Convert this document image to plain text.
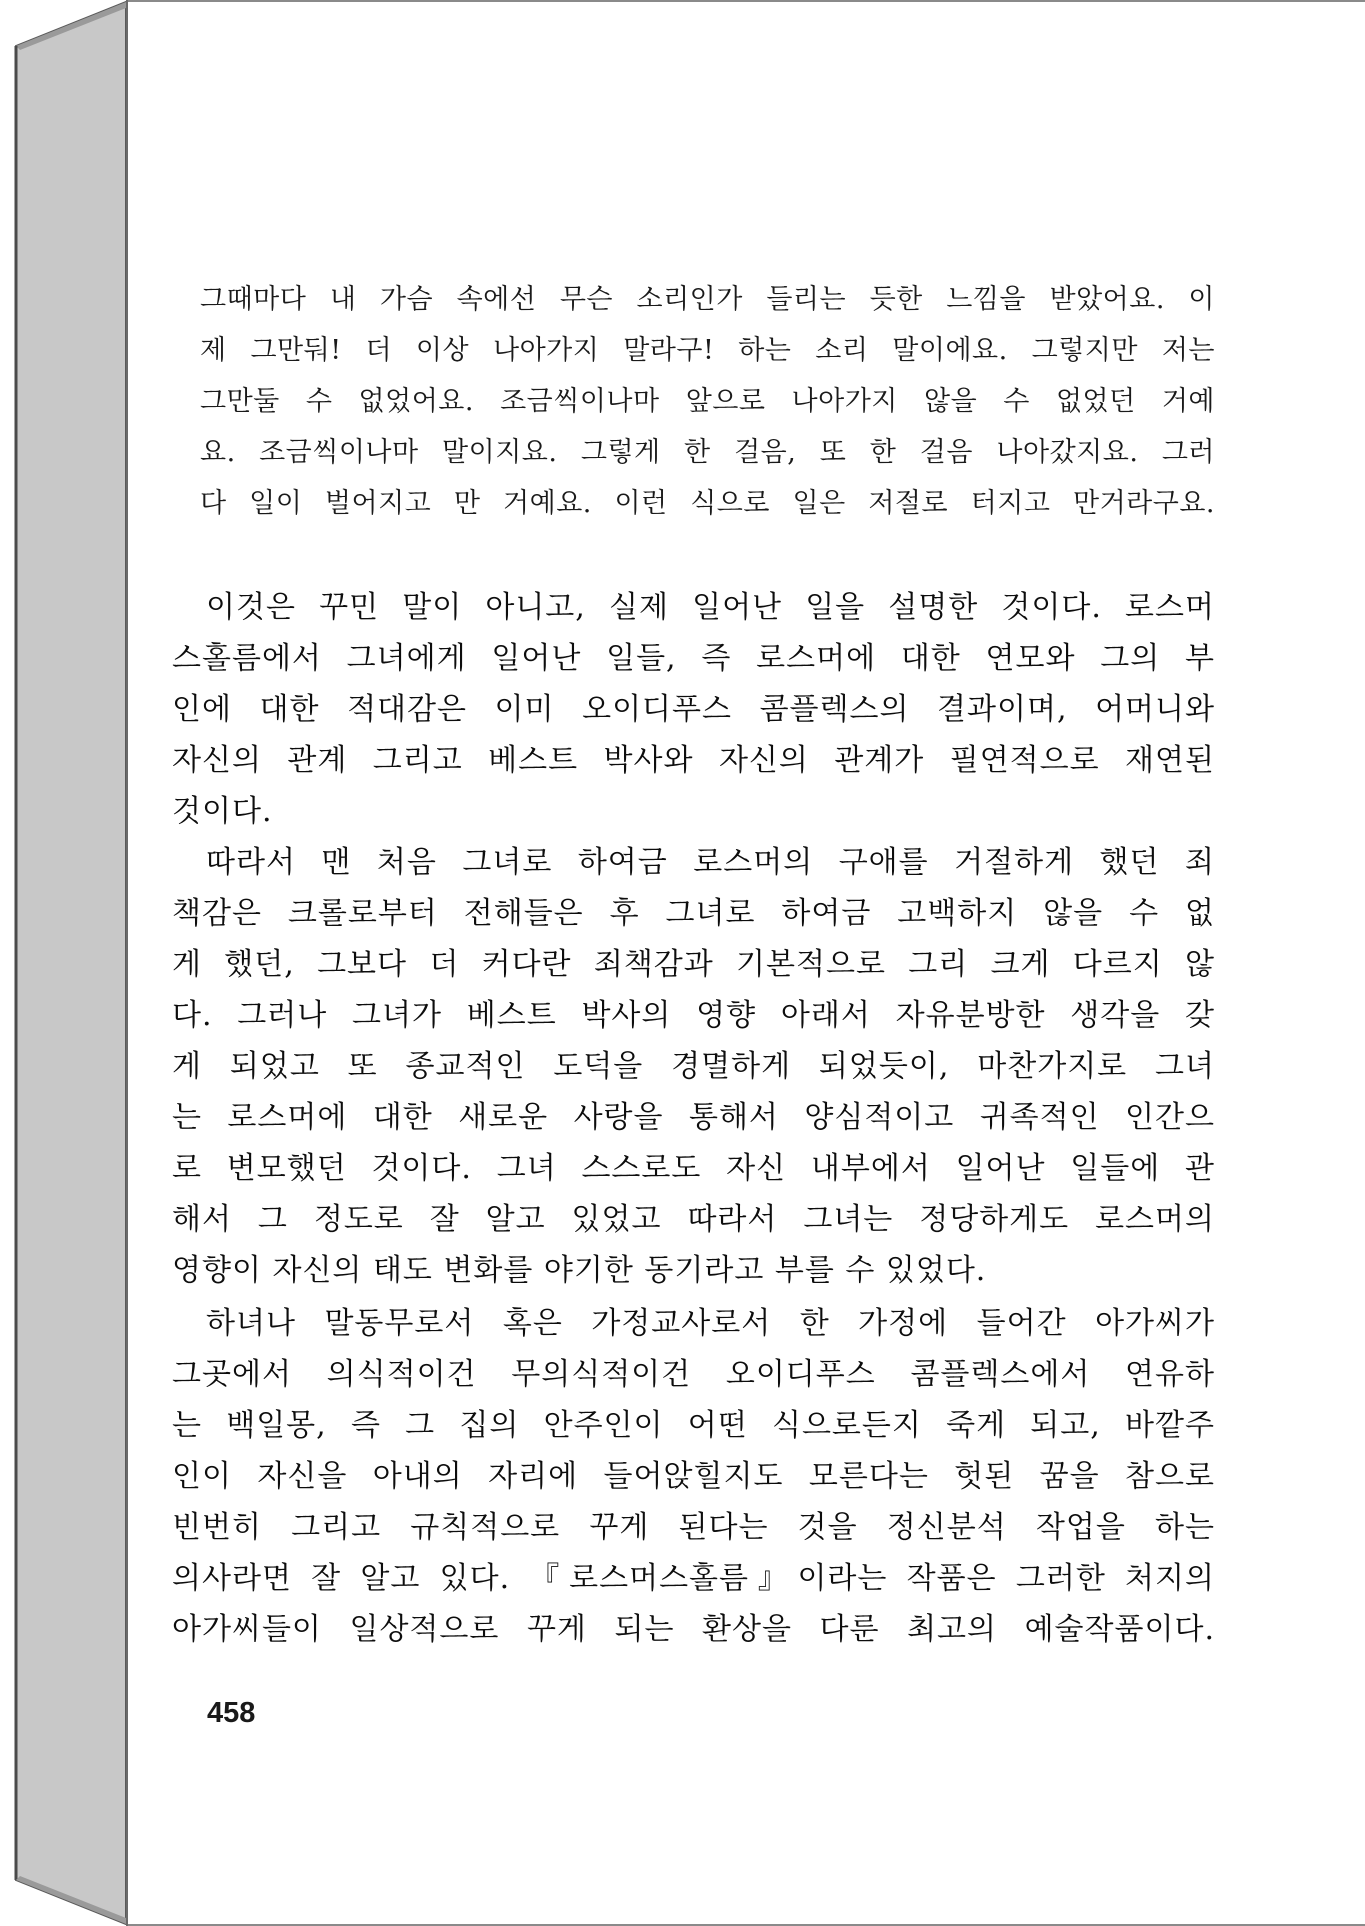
그때마다 내 가슴 속에선 무슨 소리인가 들리는 듯한 느낌을 받았어요. 이
제 그만둬! 더 이상 나아가지 말라구! 하는 소리 말이에요. 그렇지만 저는
그만둘 수 없었어요. 조금씩이나마 앞으로 나아가지 않을 수 없었던 거예
요. 조금씩이나마 말이지요. 그렇게 한 걸음, 또 한 걸음 나아갔지요. 그러
다 일이 벌어지고 만 거예요. 이런 식으로 일은 저절로 터지고 만거라구요.
이것은 꾸민 말이 아니고, 실제 일어난 일을 설명한 것이다. 로스머
스홀름에서 그녀에게 일어난 일들, 즉 로스머에 대한 연모와 그의 부
인에 대한 적대감은 이미 오이디푸스 콤플렉스의 결과이며, 어머니와
자신의 관계 그리고 베스트 박사와 자신의 관계가 필연적으로 재연된
것이다.
따라서 맨 처음 그녀로 하여금 로스머의 구애를 거절하게 했던 죄
책감은 크롤로부터 전해들은 후 그녀로 하여금 고백하지 않을 수 없
게 했던, 그보다 더 커다란 죄책감과 기본적으로 그리 크게 다르지 않
다. 그러나 그녀가 베스트 박사의 영향 아래서 자유분방한 생각을 갖
게 되었고 또 종교적인 도덕을 경멸하게 되었듯이, 마찬가지로 그녀
는 로스머에 대한 새로운 사랑을 통해서 양심적이고 귀족적인 인간으
로 변모했던 것이다. 그녀 스스로도 자신 내부에서 일어난 일들에 관
해서 그 정도로 잘 알고 있었고 따라서 그녀는 정당하게도 로스머의
영향이 자신의 태도 변화를 야기한 동기라고 부를 수 있었다.
하녀나 말동무로서 혹은 가정교사로서 한 가정에 들어간 아가씨가
그곳에서 의식적이건 무의식적이건 오이디푸스 콤플렉스에서 연유하
는 백일몽, 즉 그 집의 안주인이 어떤 식으로든지 죽게 되고, 바깥주
인이 자신을 아내의 자리에 들어앉힐지도 모른다는 헛된 꿈을 참으로
빈번히 그리고 규칙적으로 꾸게 된다는 것을 정신분석 작업을 하는
의사라면 잘 알고 있다. 『로스머스홀름』이라는 작품은 그러한 처지의
아가씨들이 일상적으로 꾸게 되는 환상을 다룬 최고의 예술작품이다.
458
